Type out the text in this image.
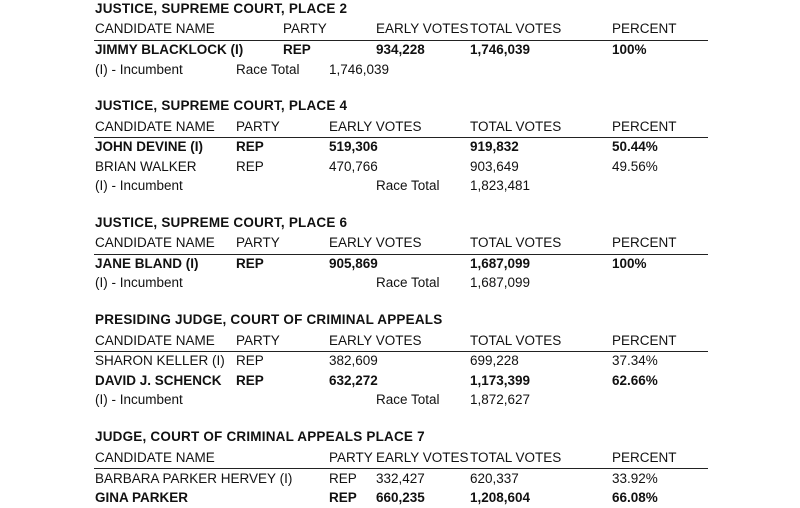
JUSTICE, SUPREME COURT, PLACE 2
CANDIDATE NAME	PARTY	EARLY VOTES TOTAL VOTES	PERCENT
JIMMY BLACKLOCK (I)	REP	934,228	1,746,039	100%
(I) - Incumbent	Race Total 1,746,039
JUSTICE, SUPREME COURT, PLACE 4
CANDIDATE NAME PARTY	EARLY VOTES	TOTAL VOTES	PERCENT
JOHN DEVINE (I) REP	519,306	919,832	50.44%
BRIAN WALKER	REP	470,766	903,649	49.56%
(I) - Incumbent	Race Total 1,823,481
JUSTICE, SUPREME COURT, PLACE 6
CANDIDATE NAME PARTY	EARLY VOTES	TOTAL VOTES	PERCENT
JANE BLAND (I)	REP	905,869	1,687,099	100%
(I) - Incumbent	Race Total 1,687,099
PRESIDING JUDGE, COURT OF CRIMINAL APPEALS
CANDIDATE NAME PARTY	EARLY VOTES	TOTAL VOTES	PERCENT
SHARON KELLER (I) REP	382,609	699,228	37.34%
DAVID J. SCHENCK REP	632,272	1,173,399	62.66%
(I) - Incumbent	Race Total 1,872,627
JUDGE, COURT OF CRIMINAL APPEALS PLACE 7
CANDIDATE NAME	PARTY EARLY VOTES TOTAL VOTES	PERCENT
BARBARA PARKER HERVEY (I)	REP 332,427	620,337	33.92%
GINA PARKER	REP 660,235	1,208,604	66.08%
